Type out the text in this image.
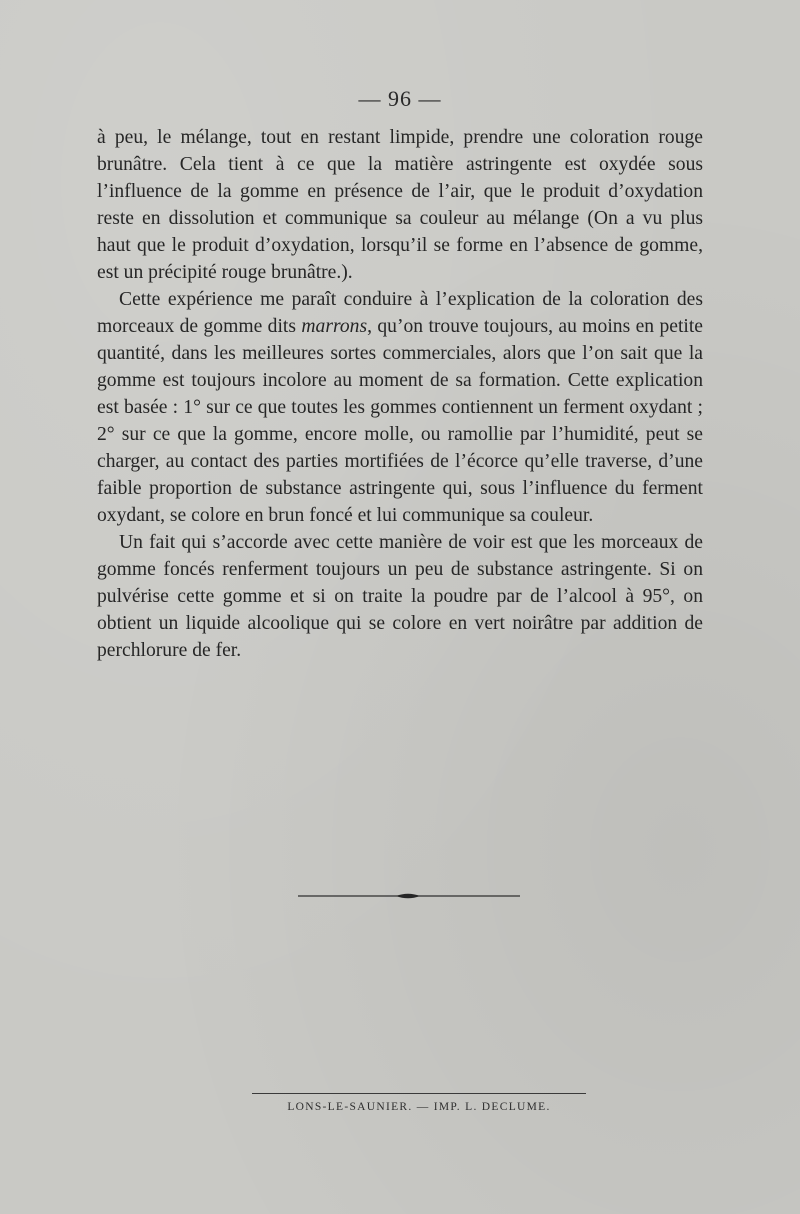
— 96 —

à peu, le mélange, tout en restant limpide, prendre une coloration rouge brunâtre. Cela tient à ce que la matière astringente est oxydée sous l’influence de la gomme en présence de l’air, que le produit d’oxydation reste en dissolution et communique sa couleur au mélange (On a vu plus haut que le produit d’oxydation, lorsqu’il se forme en l’absence de gomme, est un précipité rouge brunâtre.).

Cette expérience me paraît conduire à l’explication de la coloration des morceaux de gomme dits marrons, qu’on trouve toujours, au moins en petite quantité, dans les meilleures sortes commerciales, alors que l’on sait que la gomme est toujours incolore au moment de sa formation. Cette explication est basée : 1° sur ce que toutes les gommes contiennent un ferment oxydant ; 2° sur ce que la gomme, encore molle, ou ramollie par l’humidité, peut se charger, au contact des parties mortifiées de l’écorce qu’elle traverse, d’une faible proportion de substance astringente qui, sous l’influence du ferment oxydant, se colore en brun foncé et lui communique sa couleur.

Un fait qui s’accorde avec cette manière de voir est que les morceaux de gomme foncés renferment toujours un peu de substance astringente. Si on pulvérise cette gomme et si on traite la poudre par de l’alcool à 95°, on obtient un liquide alcoolique qui se colore en vert noirâtre par addition de perchlorure de fer.

LONS-LE-SAUNIER. — IMP. L. DECLUME.
